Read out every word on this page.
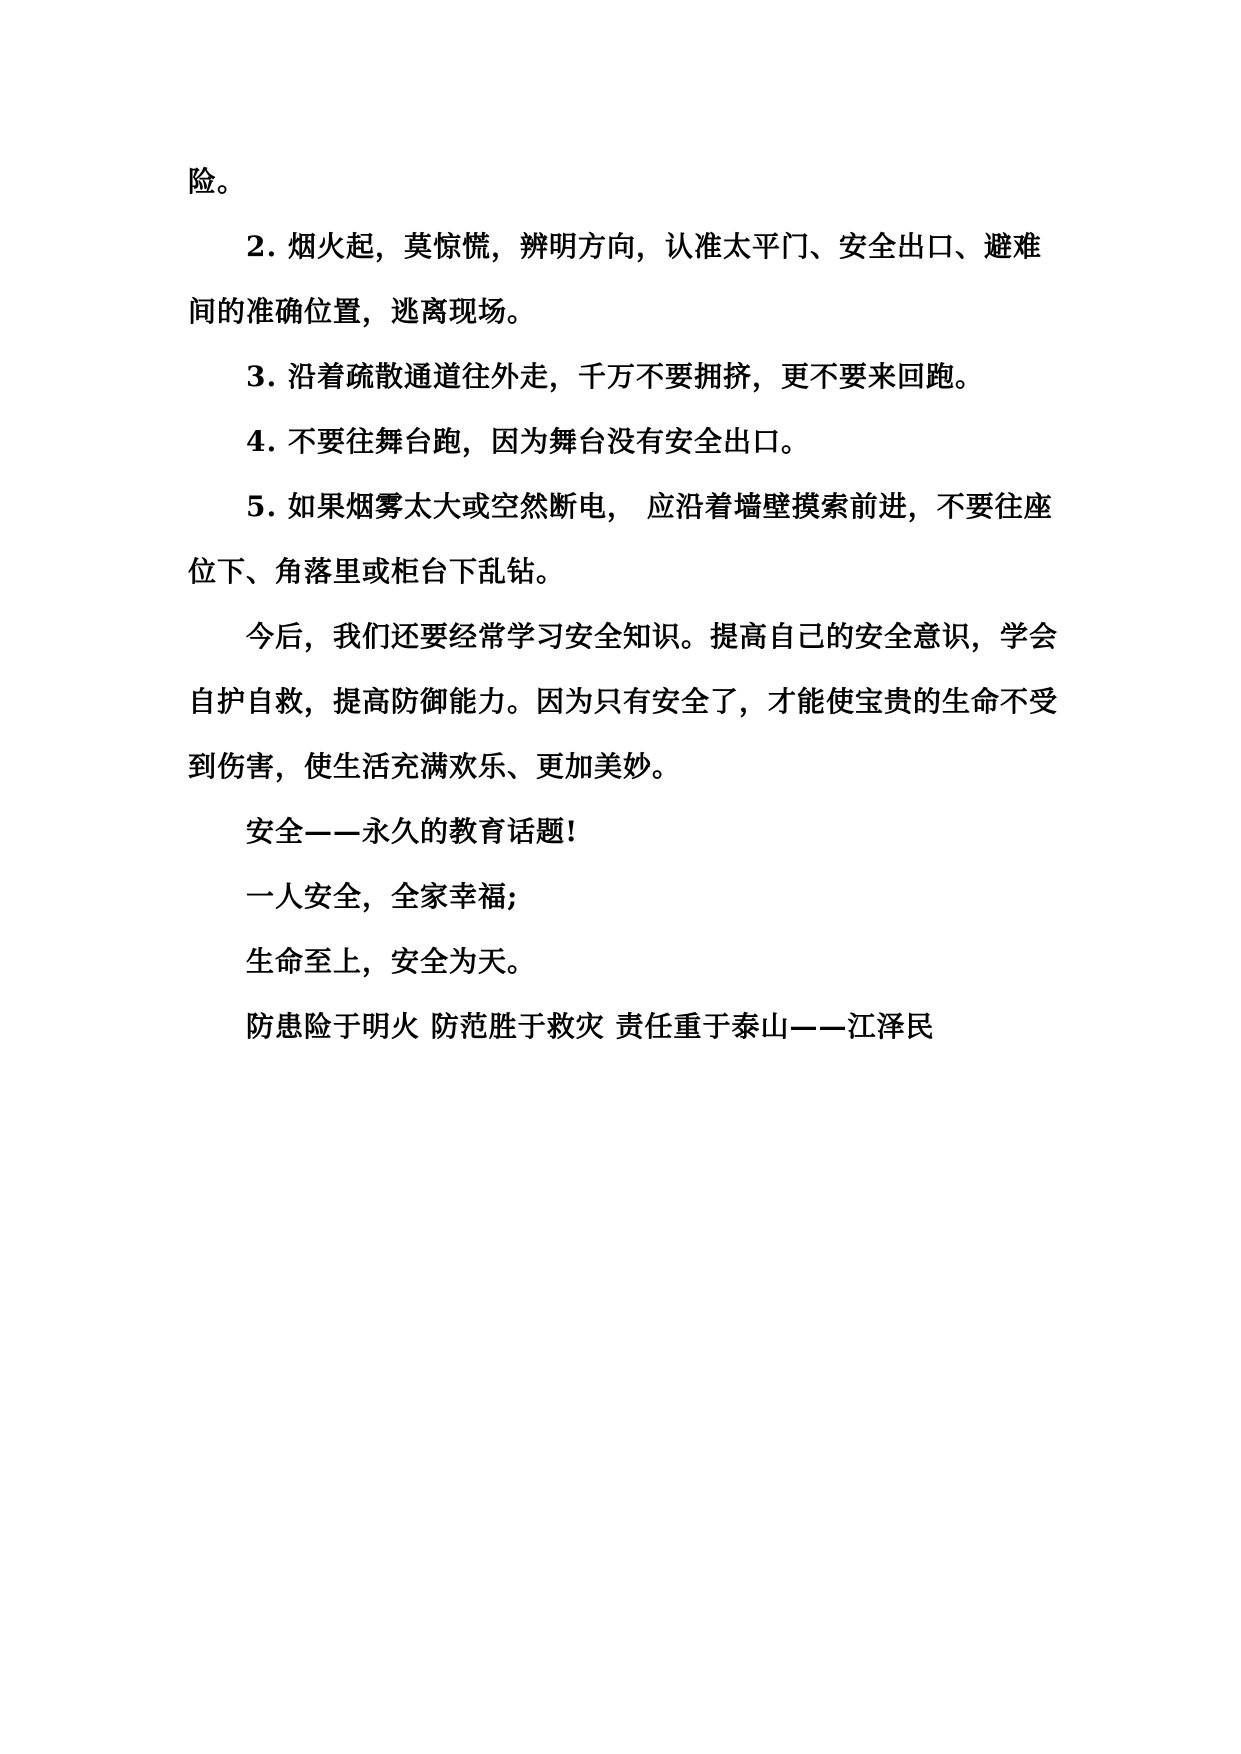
险。
2. 烟火起，莫惊慌，辨明方向，认准太平门、安全出口、避难
间的准确位置，逃离现场。
3. 沿着疏散通道往外走，千万不要拥挤，更不要来回跑。
4. 不要往舞台跑，因为舞台没有安全出口。
5. 如果烟雾太大或空然断电， 应沿着墙壁摸索前进，不要往座
位下、角落里或柜台下乱钻。
今后，我们还要经常学习安全知识。提高自己的安全意识，学会
自护自救，提高防御能力。因为只有安全了，才能使宝贵的生命不受
到伤害，使生活充满欢乐、更加美妙。
安全——永久的教育话题!
一人安全，全家幸福;
生命至上，安全为天。
防患险于明火 防范胜于救灾 责任重于泰山——江泽民
